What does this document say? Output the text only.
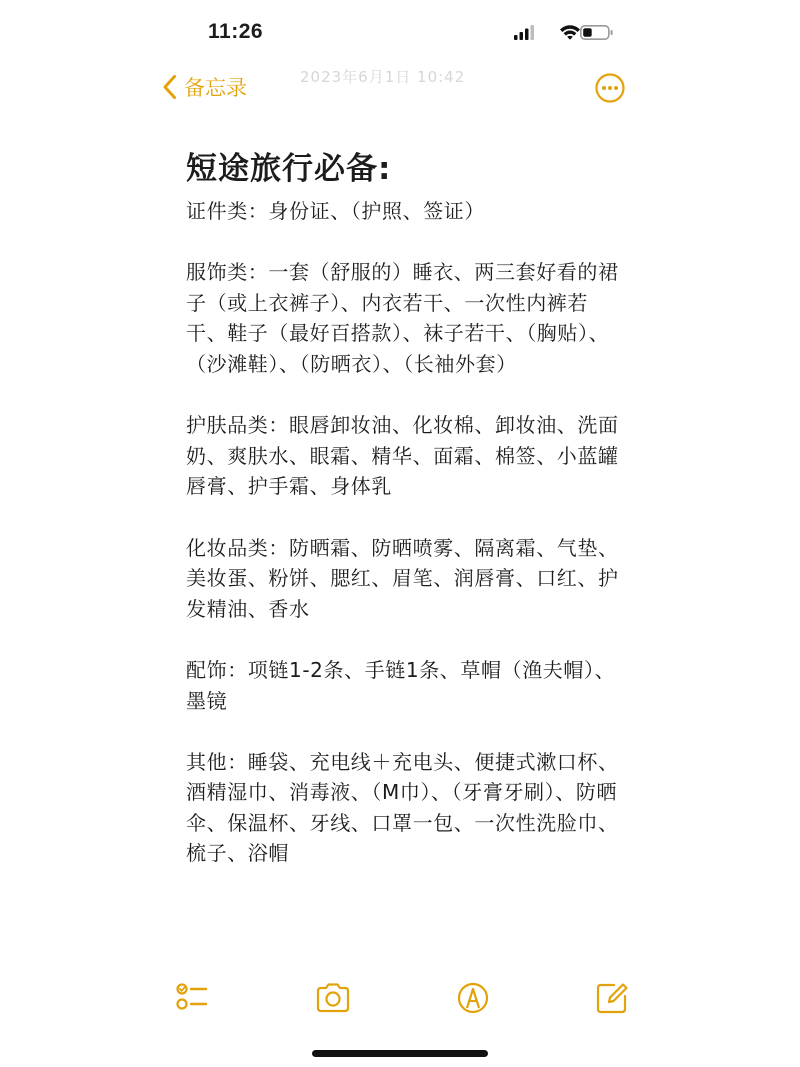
11:26
备忘录	2023年6月1日 10:42
短途旅行必备:
证件类：身份证、（护照、签证）

服饰类：一套（舒服的）睡衣、两三套好看的裙子（或上衣裤子）、内衣若干、一次性内裤若干、鞋子（最好百搭款）、袜子若干、（胸贴）、（沙滩鞋）、（防晒衣）、（长袖外套）

护肤品类：眼唇卸妆油、化妆棉、卸妆油、洗面奶、爽肤水、眼霜、精华、面霜、棉签、小蓝罐唇膏、护手霜、身体乳

化妆品类：防晒霜、防晒喷雾、隔离霜、气垫、美妆蛋、粉饼、腮红、眉笔、润唇膏、口红、护发精油、香水

配饰：项链1-2条、手链1条、草帽（渔夫帽）、墨镜

其他：睡袋、充电线＋充电头、便捷式漱口杯、酒精湿巾、消毒液、（M巾）、（牙膏牙刷）、防晒伞、保温杯、牙线、口罩一包、一次性洗脸巾、梳子、浴帽
